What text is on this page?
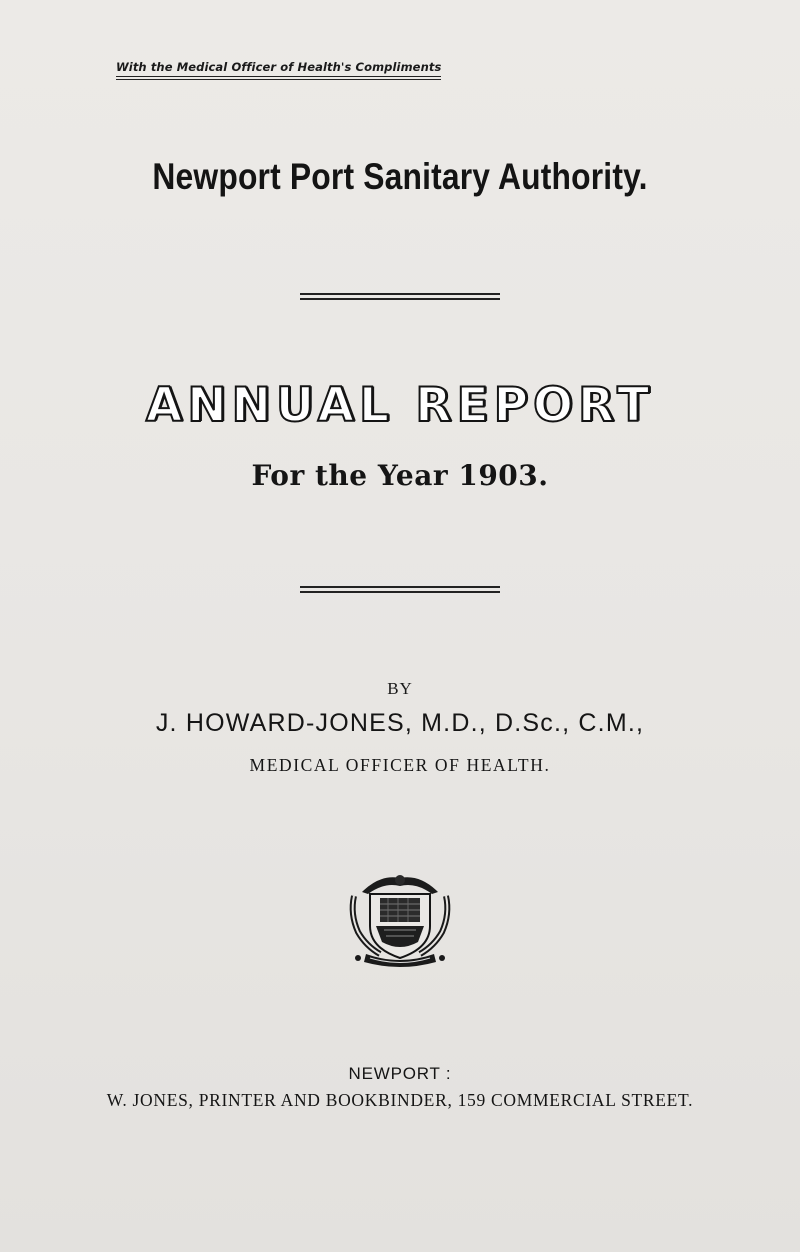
With the Medical Officer of Health's Compliments
Newport Port Sanitary Authority.
ANNUAL REPORT
For the Year 1903.
BY
J. HOWARD-JONES, M.D., D.Sc., C.M.,
MEDICAL OFFICER OF HEALTH.
NEWPORT :
W. JONES, PRINTER AND BOOKBINDER, 159 COMMERCIAL STREET.
